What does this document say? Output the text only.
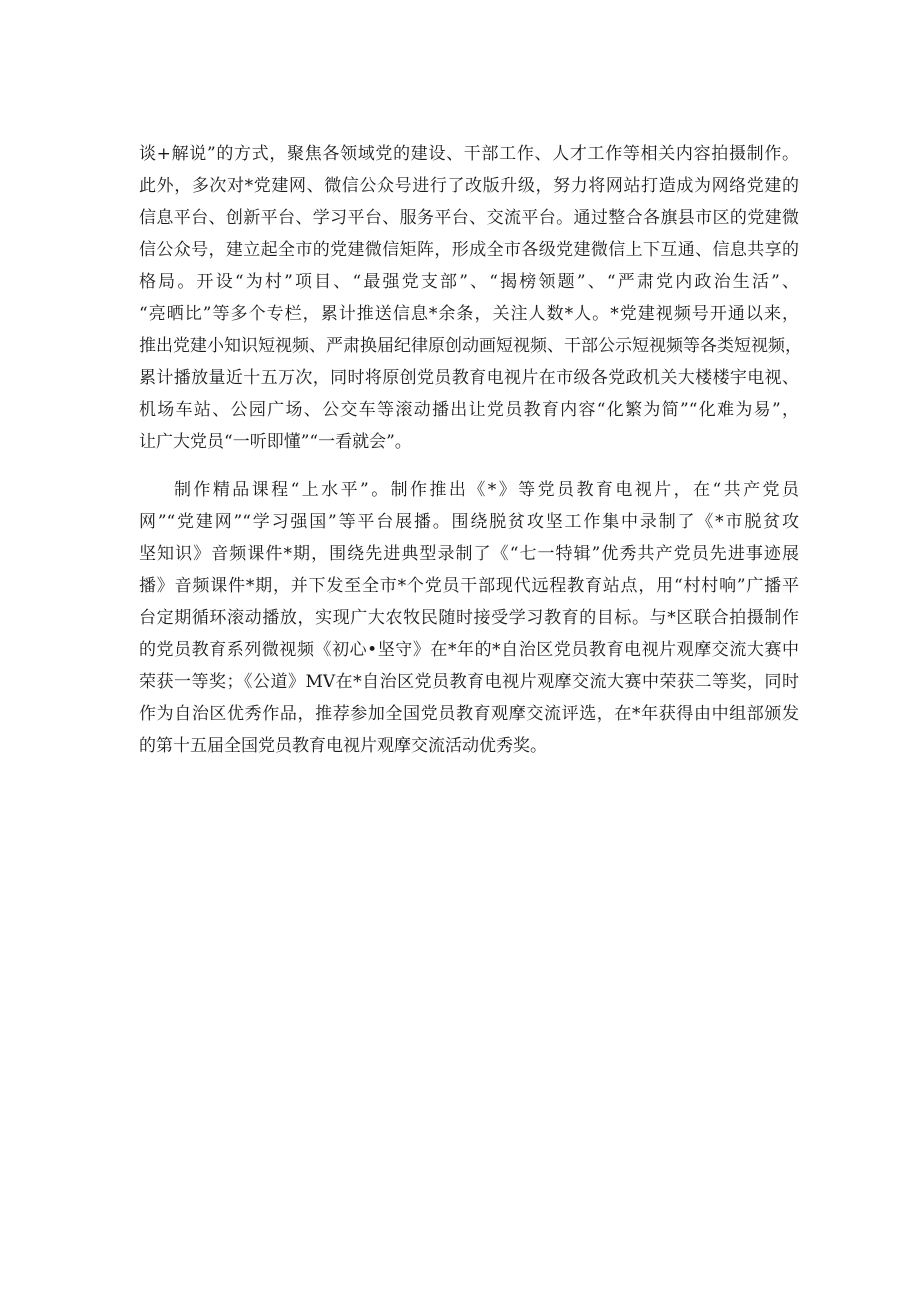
谈+解说”的方式，聚焦各领域党的建设、干部工作、人才工作等相关内容拍摄制作。
此外，多次对*党建网、微信公众号进行了改版升级，努力将网站打造成为网络党建的
信息平台、创新平台、学习平台、服务平台、交流平台。通过整合各旗县市区的党建微
信公众号，建立起全市的党建微信矩阵，形成全市各级党建微信上下互通、信息共享的
格局。开设“为村”项目、“最强党支部”、“揭榜领题”、“严肃党内政治生活”、
“亮晒比”等多个专栏，累计推送信息*余条，关注人数*人。*党建视频号开通以来，
推出党建小知识短视频、严肃换届纪律原创动画短视频、干部公示短视频等各类短视频，
累计播放量近十五万次，同时将原创党员教育电视片在市级各党政机关大楼楼宇电视、
机场车站、公园广场、公交车等滚动播出让党员教育内容“化繁为简”“化难为易”，
让广大党员“一听即懂”“一看就会”。
制作精品课程“上水平”。制作推出《*》等党员教育电视片，在“共产党员
网”“党建网”“学习强国”等平台展播。围绕脱贫攻坚工作集中录制了《*市脱贫攻
坚知识》音频课件*期，围绕先进典型录制了《“七一特辑”优秀共产党员先进事迹展
播》音频课件*期，并下发至全市*个党员干部现代远程教育站点，用“村村响”广播平
台定期循环滚动播放，实现广大农牧民随时接受学习教育的目标。与*区联合拍摄制作
的党员教育系列微视频《初心•坚守》在*年的*自治区党员教育电视片观摩交流大赛中
荣获一等奖；《公道》MV在*自治区党员教育电视片观摩交流大赛中荣获二等奖，同时
作为自治区优秀作品，推荐参加全国党员教育观摩交流评选，在*年获得由中组部颁发
的第十五届全国党员教育电视片观摩交流活动优秀奖。
